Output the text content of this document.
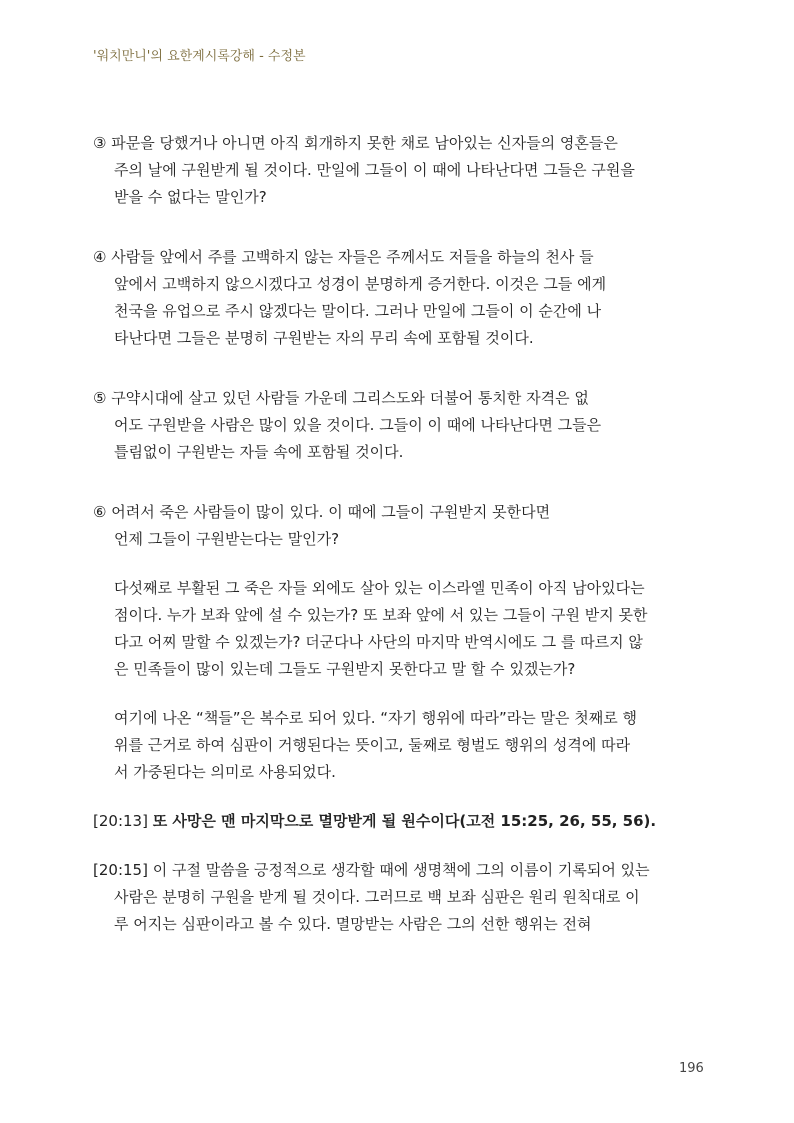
'워치만니'의 요한계시록강해 - 수정본
③ 파문을 당했거나 아니면 아직 회개하지 못한 채로 남아있는 신자들의 영혼들은
주의 날에 구원받게 될 것이다. 만일에 그들이 이 때에 나타난다면 그들은 구원을
받을 수 없다는 말인가?
④ 사람들 앞에서 주를 고백하지 않는 자들은 주께서도 저들을 하늘의 천사 들
앞에서 고백하지 않으시겠다고 성경이 분명하게 증거한다. 이것은 그들 에게
천국을 유업으로 주시 않겠다는 말이다. 그러나 만일에 그들이 이 순간에 나
타난다면 그들은 분명히 구원받는 자의 무리 속에 포함될 것이다.
⑤ 구약시대에 살고 있던 사람들 가운데 그리스도와 더불어 통치한 자격은 없
어도 구원받을 사람은 많이 있을 것이다. 그들이 이 때에 나타난다면 그들은
틀림없이 구원받는 자들 속에 포함될 것이다.
⑥ 어려서 죽은 사람들이 많이 있다. 이 때에 그들이 구원받지 못한다면
언제 그들이 구원받는다는 말인가?
다섯째로 부활된 그 죽은 자들 외에도 살아 있는 이스라엘 민족이 아직 남아있다는
점이다. 누가 보좌 앞에 설 수 있는가? 또 보좌 앞에 서 있는 그들이 구원 받지 못한
다고 어찌 말할 수 있겠는가? 더군다나 사단의 마지막 반역시에도 그 를 따르지 않
은 민족들이 많이 있는데 그들도 구원받지 못한다고 말 할 수 있겠는가?
여기에 나온 “책들”은 복수로 되어 있다. “자기 행위에 따라”라는 말은 첫째로 행
위를 근거로 하여 심판이 거행된다는 뜻이고, 둘째로 형벌도 행위의 성격에 따라
서 가중된다는 의미로 사용되었다.
[20:13] 또 사망은 맨 마지막으로 멸망받게 될 원수이다(고전 15:25, 26, 55, 56).
[20:15] 이 구절 말씀을 긍정적으로 생각할 때에 생명책에 그의 이름이 기록되어 있는
사람은 분명히 구원을 받게 될 것이다. 그러므로 백 보좌 심판은 원리 원칙대로 이
루 어지는 심판이라고 볼 수 있다. 멸망받는 사람은 그의 선한 행위는 전혀
196
